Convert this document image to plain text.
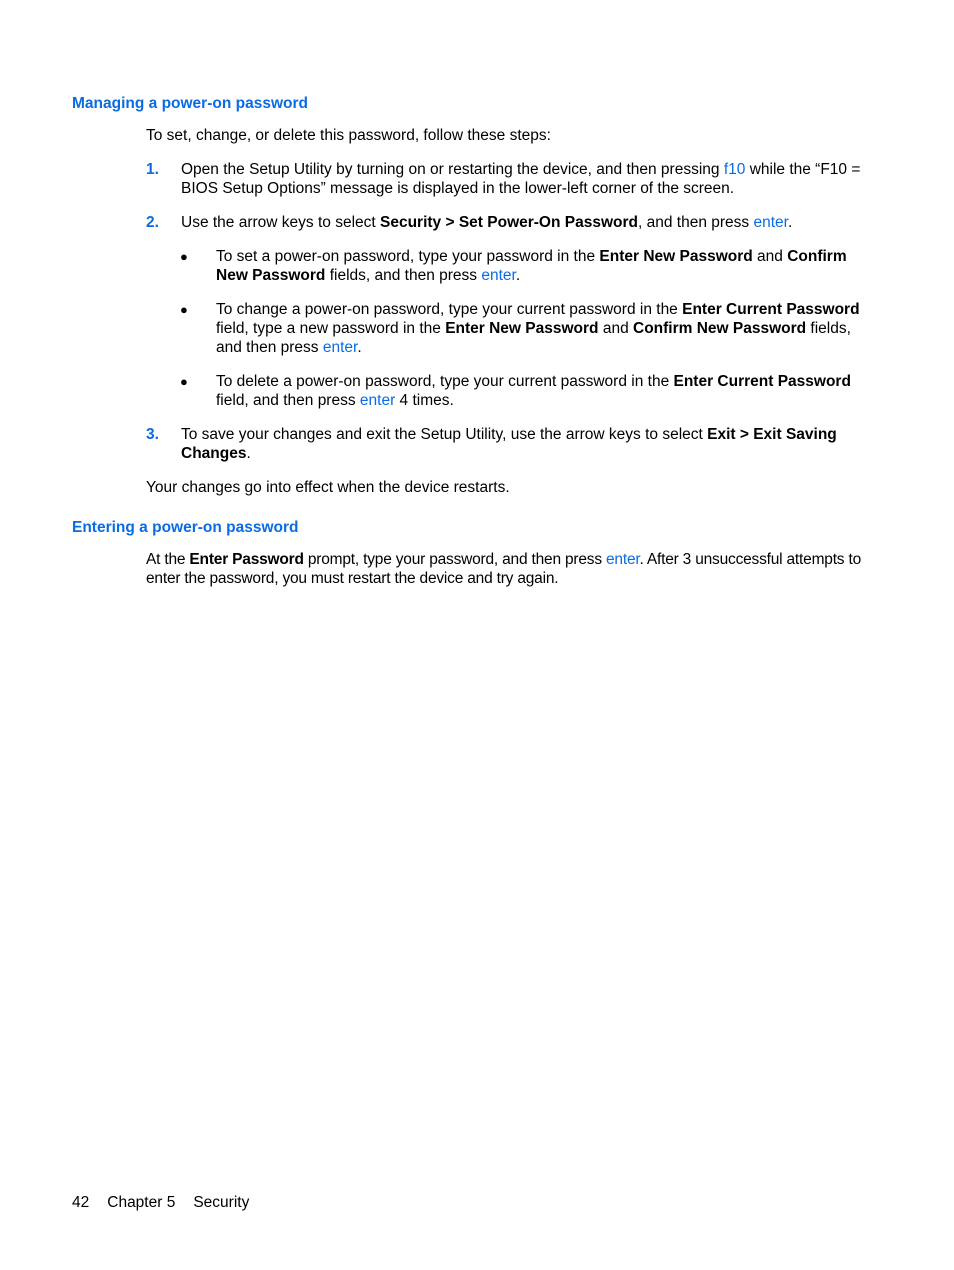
Managing a power-on password

To set, change, or delete this password, follow these steps:

1. Open the Setup Utility by turning on or restarting the device, and then pressing f10 while the “F10 = BIOS Setup Options” message is displayed in the lower-left corner of the screen.
2. Use the arrow keys to select Security > Set Power-On Password, and then press enter.
● To set a power-on password, type your password in the Enter New Password and Confirm New Password fields, and then press enter.
● To change a power-on password, type your current password in the Enter Current Password field, type a new password in the Enter New Password and Confirm New Password fields, and then press enter.
● To delete a power-on password, type your current password in the Enter Current Password field, and then press enter 4 times.
3. To save your changes and exit the Setup Utility, use the arrow keys to select Exit > Exit Saving Changes.

Your changes go into effect when the device restarts.

Entering a power-on password

At the Enter Password prompt, type your password, and then press enter. After 3 unsuccessful attempts to enter the password, you must restart the device and try again.

42 Chapter 5 Security
